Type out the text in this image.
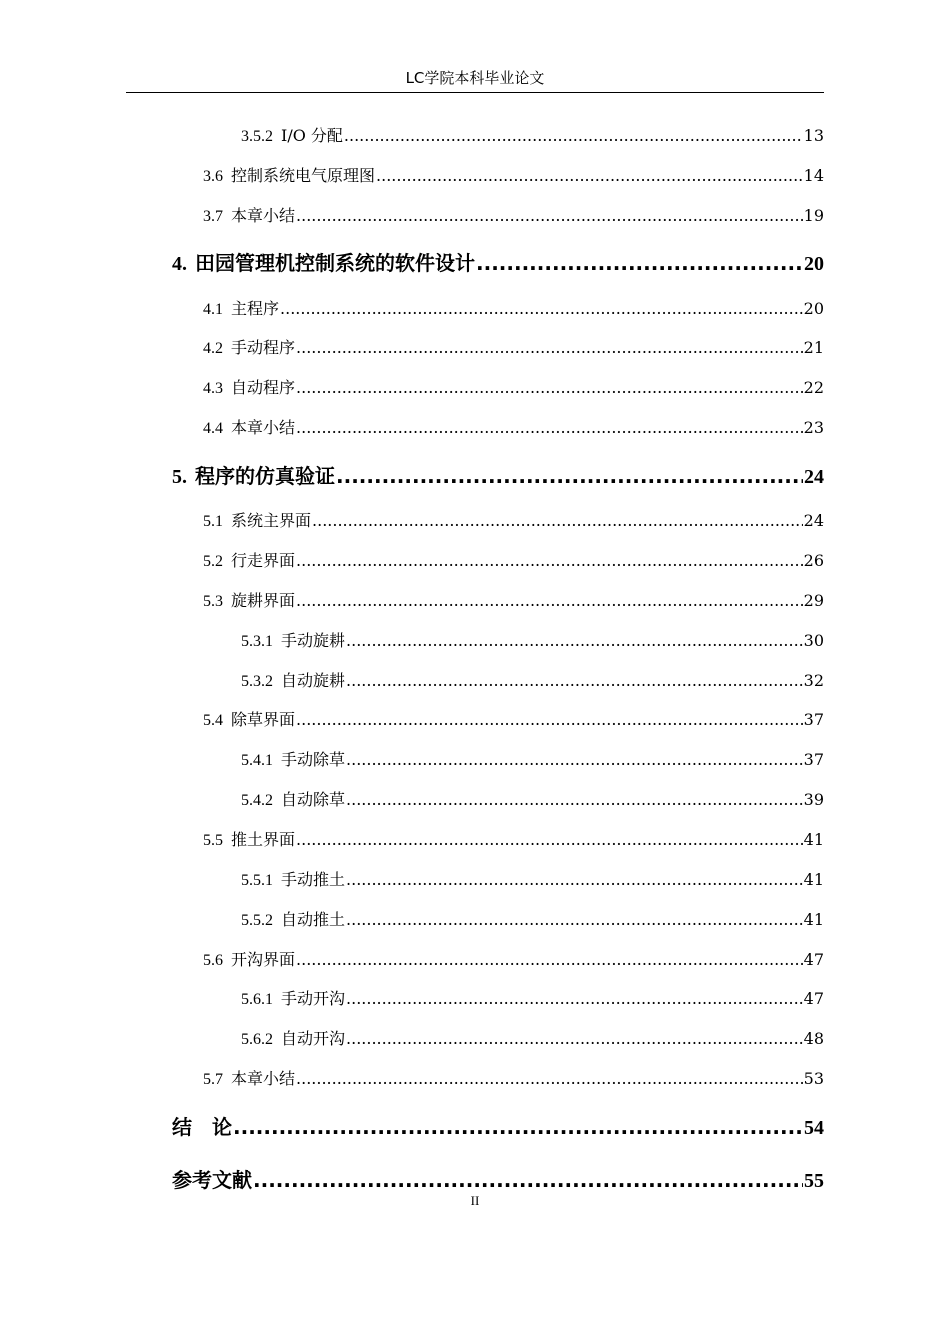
LC学院本科毕业论文
3.5.2 I/O 分配 .....	13
3.6 控制系统电气原理图 .....	14
3.7 本章小结 .....	19
4. 田园管理机控制系统的软件设计 .....	20
4.1 主程序 .....	20
4.2 手动程序 .....	21
4.3 自动程序 .....	22
4.4 本章小结 .....	23
5. 程序的仿真验证 .....	24
5.1 系统主界面 .....	24
5.2 行走界面 .....	26
5.3 旋耕界面 .....	29
5.3.1 手动旋耕 .....	30
5.3.2 自动旋耕 .....	32
5.4 除草界面 .....	37
5.4.1 手动除草 .....	37
5.4.2 自动除草 .....	39
5.5 推土界面 .....	41
5.5.1 手动推土 .....	41
5.5.2 自动推土 .....	41
5.6 开沟界面 .....	47
5.6.1 手动开沟 .....	47
5.6.2 自动开沟 .....	48
5.7 本章小结 .....	53
结　论 .....	54
参考文献 .....	55
II
